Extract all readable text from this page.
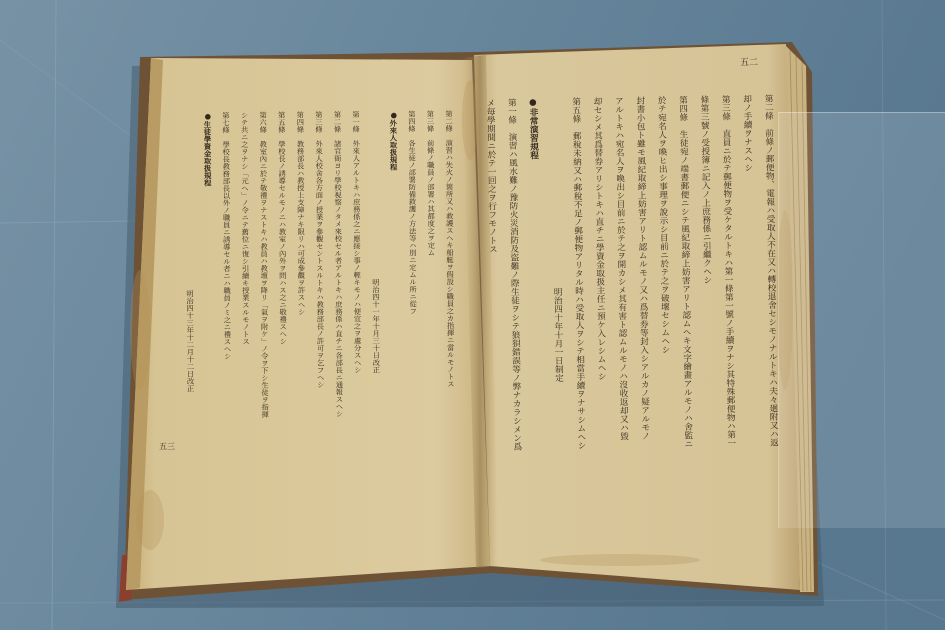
第二條　前條ノ郵便物、電報ハ受取人不在又ハ轉校退舍セシモノナルトキハ夫々廻附又ハ返
却ノ手續ヲナスヘシ
第三條　直員ニ於テ郵便物ヲ受ケタルトキハ第一條第一號ノ手續ヲナシ其特殊郵便物ハ第一
條第三號ノ受授簿ニ記入ノ上庶務係ニ引繼クヘシ
第四條　生徒宛ノ端書郵便ニシテ風紀取締上妨害アリト認ムヘキ文字繪畫アルモノハ舍監ニ
於テ宛名人ヲ喚ヒ出シ事理ヲ說示シ目前ニ於テ之ヲ破壞セシムヘシ
封書小包ト雖モ風紀取締上妨害アリト認ムルモノ又ハ爲替券等封入シアルカノ疑アルモノ
アルトキハ宛名人ヲ喚出シ目前ニ於テ之ヲ開カシメ其有害ト認ムルモノハ沒收返却又ハ毀
却セシメ其爲替券アリシトキハ直チニ學資金取扱主任ニ預ケ入レシムヘシ
第五條　郵稅未納又ハ郵稅不足ノ郵便物アリタル時ハ受取人ヲシテ相當手續ヲナサシムヘシ
明治四十年十月一日制定
●非常演習規程
第一條　演習ハ風水難ノ豫防火災消防及盜難ノ際生徒ヲシテ狼狽錯誤等ノ弊ナカラシメン爲
メ毎學期間ニ於テ一回之ヲ行フモノトス
五二
第二條　演習ハ失火ノ箇所又ハ救護スヘキ船艇ヲ假設シ職員之カ指揮ニ當ルモノトス
第三條　前條ノ職員ノ部署ハ其都度之ヲ定ム
第四條　各生徒ノ部署防備救護ノ方法等ハ別ニ定ムル所ニ從フ
●外來人取扱規程
明治四十一年十月三十日改正
第一條　外來人アルトキハ庶務係之ニ應接シ事ノ輕キモノハ便宜之ヲ處分スヘシ
第二條　諸官衙ヨリ學校視察ノタメ來校セル者アルトキハ庶務係ハ直チニ各部長ニ通報スヘシ
第三條　外來人校舍各方面ノ授業ヲ參觀セントスルトキハ教務部長ノ許可ヲ乞フヘシ
第四條　教務部長ハ教授上支障ナキ限リハ可成參觀ヲ許スヘシ
第五條　學校長ノ誘導セルモノニハ教室ノ內外ヲ問ハス之ニ敬禮スヘシ
第六條　教室內ニ於テ敬禮ヲナストキハ教員ハ教壇ヲ降リ「氣ヲ附ケ」ノ令ヲ下シ生徒ヲ指揮
シテ共ニ之ヲナシ「元ヘ」ノ令ニテ舊位ニ復シ引續キ授業スルモノトス
第七條　學校長教務部長以外ノ職員ニ誘導セル者ニハ職員ノミ之ニ禮スヘシ
●生徒學資金取扱規程
明治四十三年十二月十二日改正
五三
